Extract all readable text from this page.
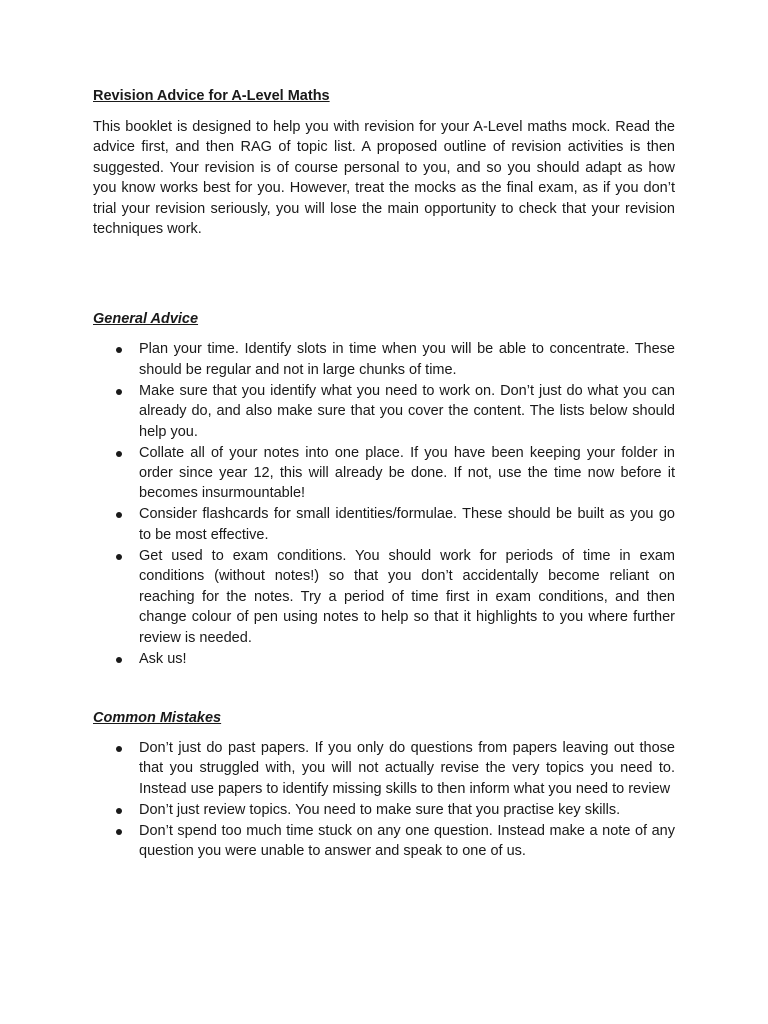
Revision Advice for A-Level Maths

This booklet is designed to help you with revision for your A-Level maths mock. Read the advice first, and then RAG of topic list. A proposed outline of revision activities is then suggested. Your revision is of course personal to you, and so you should adapt as how you know works best for you. However, treat the mocks as the final exam, as if you don’t trial your revision seriously, you will lose the main opportunity to check that your revision techniques work.

General Advice

Plan your time. Identify slots in time when you will be able to concentrate. These should be regular and not in large chunks of time.
Make sure that you identify what you need to work on. Don’t just do what you can already do, and also make sure that you cover the content. The lists below should help you.
Collate all of your notes into one place. If you have been keeping your folder in order since year 12, this will already be done. If not, use the time now before it becomes insurmountable!
Consider flashcards for small identities/formulae. These should be built as you go to be most effective.
Get used to exam conditions. You should work for periods of time in exam conditions (without notes!) so that you don’t accidentally become reliant on reaching for the notes. Try a period of time first in exam conditions, and then change colour of pen using notes to help so that it highlights to you where further review is needed.
Ask us!

Common Mistakes

Don’t just do past papers. If you only do questions from papers leaving out those that you struggled with, you will not actually revise the very topics you need to. Instead use papers to identify missing skills to then inform what you need to review
Don’t just review topics. You need to make sure that you practise key skills.
Don’t spend too much time stuck on any one question. Instead make a note of any question you were unable to answer and speak to one of us.
